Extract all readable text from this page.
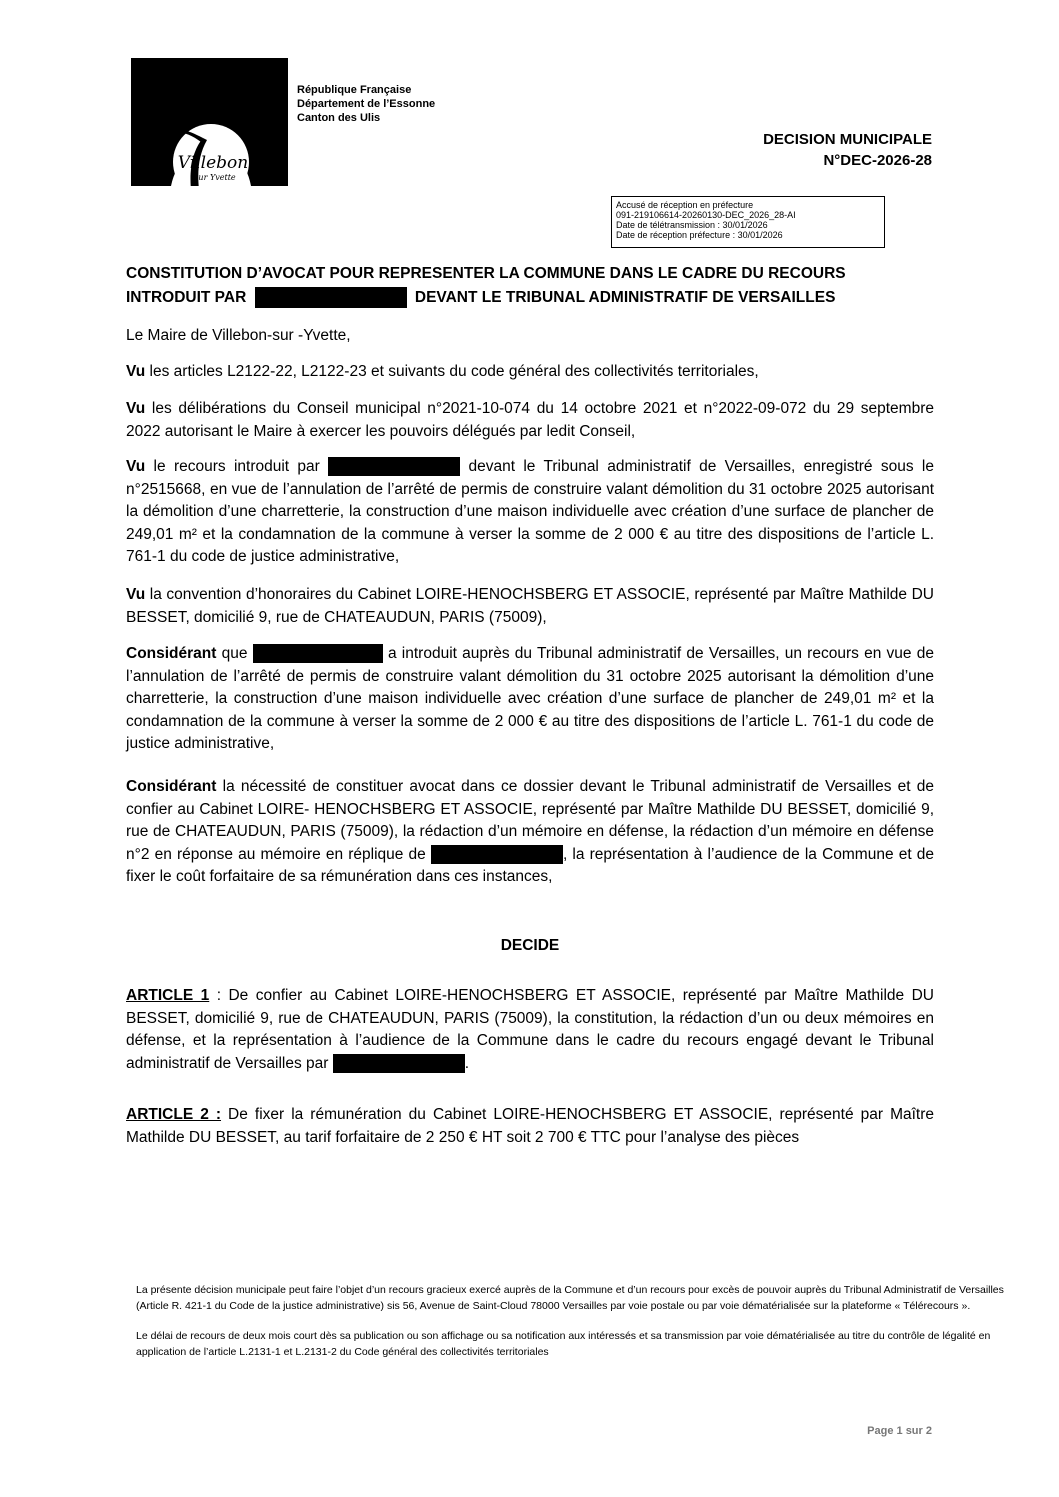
Villebon
sur Yvette
République Française
Département de l’Essonne
Canton des Ulis
DECISION MUNICIPALE
N°DEC-2026-28
Accusé de réception en préfecture
091-219106614-20260130-DEC_2026_28-AI
Date de télétransmission : 30/01/2026
Date de réception préfecture : 30/01/2026
CONSTITUTION D’AVOCAT POUR REPRESENTER LA COMMUNE DANS LE CADRE DU RECOURS
INTRODUIT PAR	DEVANT LE TRIBUNAL ADMINISTRATIF DE VERSAILLES
Le Maire de Villebon-sur -Yvette,
Vu les articles L2122-22, L2122-23 et suivants du code général des collectivités territoriales,
Vu les délibérations du Conseil municipal n°2021-10-074 du 14 octobre 2021 et n°2022-09-072 du 29 septembre 2022 autorisant le Maire à exercer les pouvoirs délégués par ledit Conseil,
Vu le recours introduit par	devant le Tribunal administratif de Versailles, enregistré sous le n°2515668, en vue de l’annulation de l’arrêté de permis de construire valant démolition du 31 octobre 2025 autorisant la démolition d’une charretterie, la construction d’une maison individuelle avec création d’une surface de plancher de 249,01 m² et la condamnation de la commune à verser la somme de 2 000 € au titre des dispositions de l’article L. 761-1 du code de justice administrative,
Vu la convention d’honoraires du Cabinet LOIRE-HENOCHSBERG ET ASSOCIE, représenté par Maître Mathilde DU BESSET, domicilié 9, rue de CHATEAUDUN, PARIS (75009),
Considérant que	a introduit auprès du Tribunal administratif de Versailles, un recours en vue de l’annulation de l’arrêté de permis de construire valant démolition du 31 octobre 2025 autorisant la démolition d’une charretterie, la construction d’une maison individuelle avec création d’une surface de plancher de 249,01 m² et la condamnation de la commune à verser la somme de 2 000 € au titre des dispositions de l’article L. 761-1 du code de justice administrative,
Considérant la nécessité de constituer avocat dans ce dossier devant le Tribunal administratif de Versailles et de confier au Cabinet LOIRE- HENOCHSBERG ET ASSOCIE, représenté par Maître Mathilde DU BESSET, domicilié 9, rue de CHATEAUDUN, PARIS (75009), la rédaction d’un mémoire en défense, la rédaction d’un mémoire en défense n°2 en réponse au mémoire en réplique de	, la représentation à l’audience de la Commune et de fixer le coût forfaitaire de sa rémunération dans ces instances,
DECIDE
ARTICLE 1 : De confier au Cabinet LOIRE-HENOCHSBERG ET ASSOCIE, représenté par Maître Mathilde DU BESSET, domicilié 9, rue de CHATEAUDUN, PARIS (75009), la constitution, la rédaction d’un ou deux mémoires en défense, et la représentation à l’audience de la Commune dans le cadre du recours engagé devant le Tribunal administratif de Versailles par	.
ARTICLE 2 : De fixer la rémunération du Cabinet LOIRE-HENOCHSBERG ET ASSOCIE, représenté par Maître Mathilde DU BESSET, au tarif forfaitaire de 2 250 € HT soit 2 700 € TTC pour l’analyse des pièces

La présente décision municipale peut faire l’objet d’un recours gracieux exercé auprès de la Commune et d’un recours pour excès de pouvoir auprès du Tribunal Administratif de Versailles (Article R. 421-1 du Code de la justice administrative) sis 56, Avenue de Saint-Cloud 78000 Versailles par voie postale ou par voie dématérialisée sur la plateforme « Télérecours ».

Le délai de recours de deux mois court dès sa publication ou son affichage ou sa notification aux intéressés et sa transmission par voie dématérialisée au titre du contrôle de légalité en application de l’article L.2131-1 et L.2131-2 du Code général des collectivités territoriales

Page 1 sur 2
